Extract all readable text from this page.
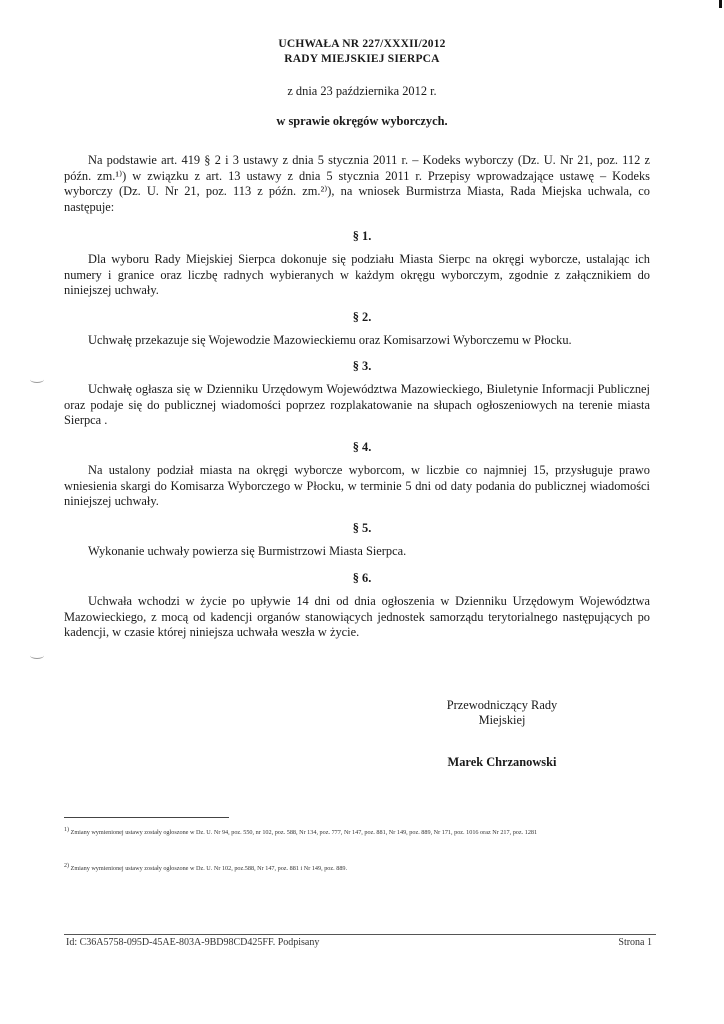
UCHWAŁA NR 227/XXXII/2012
RADY MIEJSKIEJ SIERPCA
z dnia 23 października 2012 r.
w sprawie okręgów wyborczych.

Na podstawie art. 419 § 2 i 3 ustawy z dnia 5 stycznia 2011 r. – Kodeks wyborczy (Dz. U. Nr 21, poz. 112 z późn. zm.¹⁾) w związku z art. 13 ustawy z dnia 5 stycznia 2011 r. Przepisy wprowadzające ustawę – Kodeks wyborczy (Dz. U. Nr 21, poz. 113 z późn. zm.²⁾), na wniosek Burmistrza Miasta, Rada Miejska uchwala, co następuje:

§ 1.

Dla wyboru Rady Miejskiej Sierpca dokonuje się podziału Miasta Sierpc na okręgi wyborcze, ustalając ich numery i granice oraz liczbę radnych wybieranych w każdym okręgu wyborczym, zgodnie z załącznikiem do niniejszej uchwały.

§ 2.

Uchwałę przekazuje się Wojewodzie Mazowieckiemu oraz Komisarzowi Wyborczemu w Płocku.

§ 3.

Uchwałę ogłasza się w Dzienniku Urzędowym Województwa Mazowieckiego, Biuletynie Informacji Publicznej oraz podaje się do publicznej wiadomości poprzez rozplakatowanie na słupach ogłoszeniowych na terenie miasta Sierpca .

§ 4.

Na ustalony podział miasta na okręgi wyborcze wyborcom, w liczbie co najmniej 15, przysługuje prawo wniesienia skargi do Komisarza Wyborczego w Płocku, w terminie 5 dni od daty podania do publicznej wiadomości niniejszej uchwały.

§ 5.

Wykonanie uchwały powierza się Burmistrzowi Miasta Sierpca.

§ 6.

Uchwała wchodzi w życie po upływie 14 dni od dnia ogłoszenia w Dzienniku Urzędowym Województwa Mazowieckiego, z mocą od kadencji organów stanowiących jednostek samorządu terytorialnego następujących po kadencji, w czasie której niniejsza uchwała weszła w życie.

Przewodniczący Rady
Miejskiej
Marek Chrzanowski

$^{1)}$ Zmiany wymienionej ustawy zostały ogłoszone w Dz. U. Nr 94, poz. 550, nr 102, poz. 588, Nr 134, poz. 777, Nr 147, poz. 881, Nr 149, poz. 889, Nr 171, poz. 1016 oraz Nr 217, poz. 1281

$^{2)}$ Zmiany wymienionej ustawy zostały ogłoszone w Dz. U. Nr 102, poz.588, Nr 147, poz. 881 i Nr 149, poz. 889.

Id: C36A5758-095D-45AE-803A-9BD98CD425FF. Podpisany	Strona 1
